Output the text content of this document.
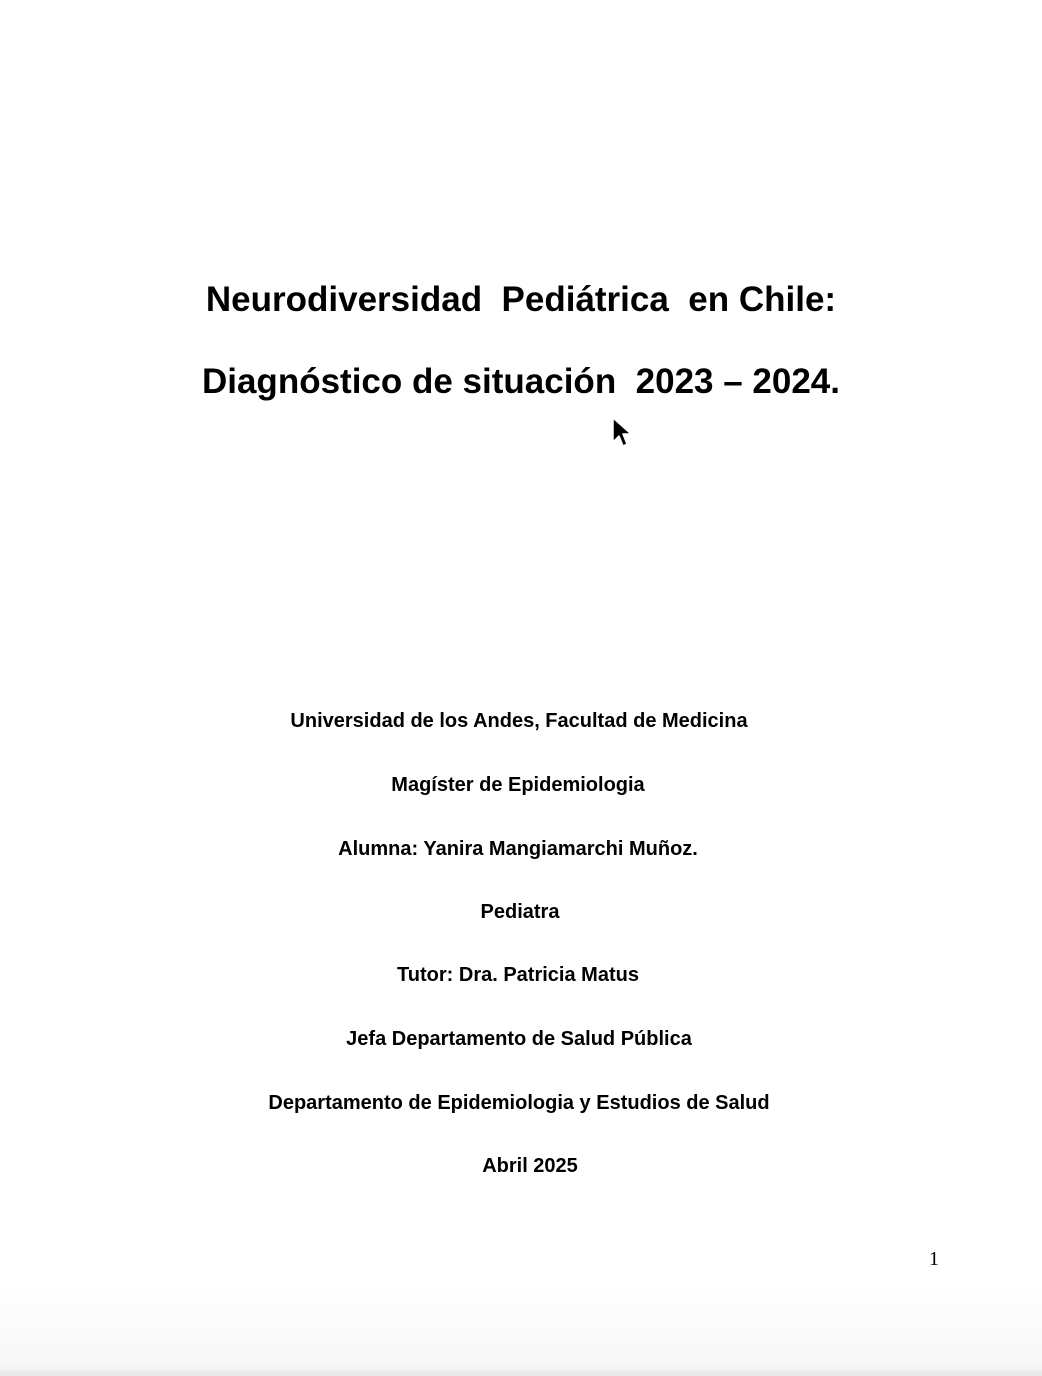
Neurodiversidad  Pediátrica  en Chile:
Diagnóstico de situación  2023 – 2024.

Universidad de los Andes, Facultad de Medicina

Magíster de Epidemiologia

Alumna: Yanira Mangiamarchi Muñoz.

Pediatra

Tutor: Dra. Patricia Matus

Jefa Departamento de Salud Pública

Departamento de Epidemiologia y Estudios de Salud

Abril 2025

1
